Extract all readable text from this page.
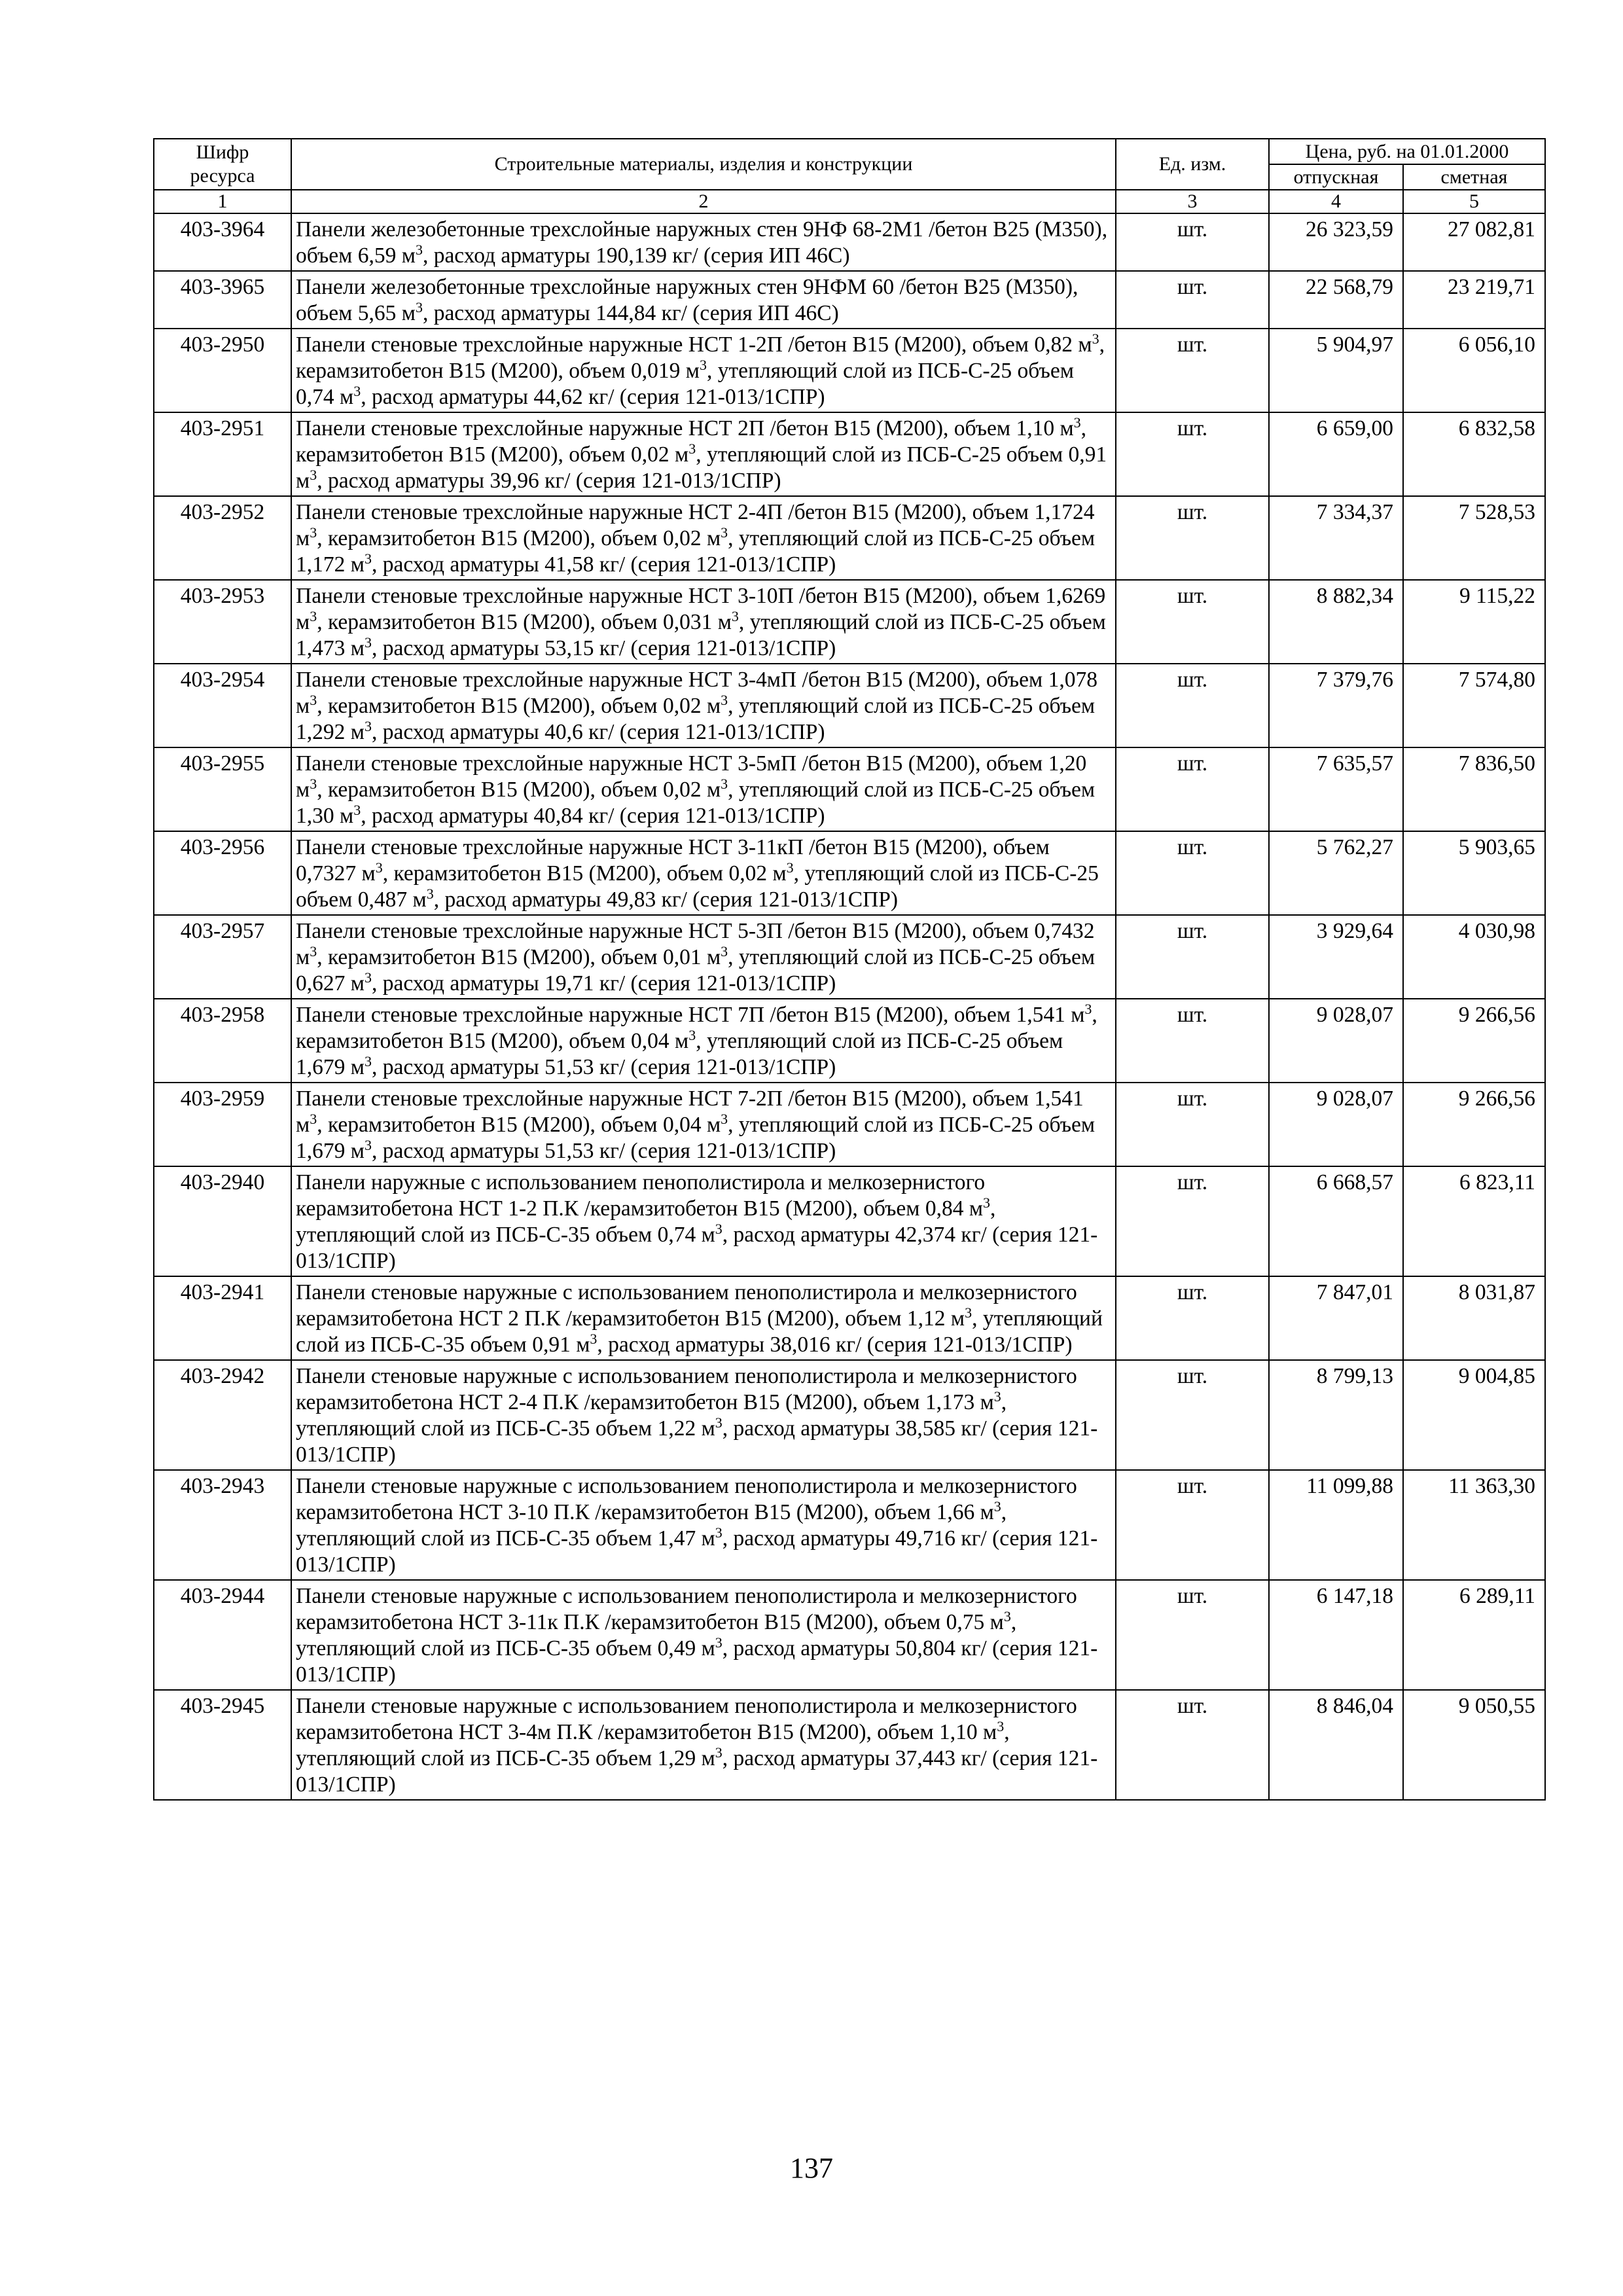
Шифр ресурса	Строительные материалы, изделия и конструкции	Ед. изм.	Цена, руб. на 01.01.2000	
			отпускная	сметная
1	2	3	4	5
403-3964	Панели железобетонные трехслойные наружных стен 9НФ 68-2М1 /бетон В25 (М350), объем 6,59 $м^3$, расход арматуры 190,139 кг/ (серия ИП 46С)	шт.	26 323,59	27 082,81
403-3965	Панели железобетонные трехслойные наружных стен 9НФМ 60 /бетон В25 (М350), объем 5,65 $м^3$, расход арматуры 144,84 кг/ (серия ИП 46С)	шт.	22 568,79	23 219,71
403-2950	Панели стеновые трехслойные наружные НСТ 1-2П /бетон В15 (М200), объем 0,82 $м^3$, керамзитобетон В15 (М200), объем 0,019 $м^3$, утепляющий слой из ПСБ-С-25 объем 0,74 $м^3$, расход арматуры 44,62 кг/ (серия 121-013/1СПР)	шт.	5 904,97	6 056,10
403-2951	Панели стеновые трехслойные наружные НСТ 2П /бетон В15 (М200), объем 1,10 $м^3$, керамзитобетон В15 (М200), объем 0,02 $м^3$, утепляющий слой из ПСБ-С-25 объем 0,91 $м^3$, расход арматуры 39,96 кг/ (серия 121-013/1СПР)	шт.	6 659,00	6 832,58
403-2952	Панели стеновые трехслойные наружные НСТ 2-4П /бетон В15 (М200), объем 1,1724 $м^3$, керамзитобетон В15 (М200), объем 0,02 $м^3$, утепляющий слой из ПСБ-С-25 объем 1,172 $м^3$, расход арматуры 41,58 кг/ (серия 121-013/1СПР)	шт.	7 334,37	7 528,53
403-2953	Панели стеновые трехслойные наружные НСТ 3-10П /бетон В15 (М200), объем 1,6269 $м^3$, керамзитобетон В15 (М200), объем 0,031 $м^3$, утепляющий слой из ПСБ-С-25 объем 1,473 $м^3$, расход арматуры 53,15 кг/ (серия 121-013/1СПР)	шт.	8 882,34	9 115,22
403-2954	Панели стеновые трехслойные наружные НСТ 3-4мП /бетон В15 (М200), объем 1,078 $м^3$, керамзитобетон В15 (М200), объем 0,02 $м^3$, утепляющий слой из ПСБ-С-25 объем 1,292 $м^3$, расход арматуры 40,6 кг/ (серия 121-013/1СПР)	шт.	7 379,76	7 574,80
403-2955	Панели стеновые трехслойные наружные НСТ 3-5мП /бетон В15 (М200), объем 1,20 $м^3$, керамзитобетон В15 (М200), объем 0,02 $м^3$, утепляющий слой из ПСБ-С-25 объем 1,30 $м^3$, расход арматуры 40,84 кг/ (серия 121-013/1СПР)	шт.	7 635,57	7 836,50
403-2956	Панели стеновые трехслойные наружные НСТ 3-11кП /бетон В15 (М200), объем 0,7327 $м^3$, керамзитобетон В15 (М200), объем 0,02 $м^3$, утепляющий слой из ПСБ-С-25 объем 0,487 $м^3$, расход арматуры 49,83 кг/ (серия 121-013/1СПР)	шт.	5 762,27	5 903,65
403-2957	Панели стеновые трехслойные наружные НСТ 5-3П /бетон В15 (М200), объем 0,7432 $м^3$, керамзитобетон В15 (М200), объем 0,01 $м^3$, утепляющий слой из ПСБ-С-25 объем 0,627 $м^3$, расход арматуры 19,71 кг/ (серия 121-013/1СПР)	шт.	3 929,64	4 030,98
403-2958	Панели стеновые трехслойные наружные НСТ 7П /бетон В15 (М200), объем 1,541 $м^3$, керамзитобетон В15 (М200), объем 0,04 $м^3$, утепляющий слой из ПСБ-С-25 объем 1,679 $м^3$, расход арматуры 51,53 кг/ (серия 121-013/1СПР)	шт.	9 028,07	9 266,56
403-2959	Панели стеновые трехслойные наружные НСТ 7-2П /бетон В15 (М200), объем 1,541 $м^3$, керамзитобетон В15 (М200), объем 0,04 $м^3$, утепляющий слой из ПСБ-С-25 объем 1,679 $м^3$, расход арматуры 51,53 кг/ (серия 121-013/1СПР)	шт.	9 028,07	9 266,56
403-2940	Панели наружные с использованием пенополистирола и мелкозернистого керамзитобетона НСТ 1-2 П.К /керамзитобетон В15 (М200), объем 0,84 $м^3$, утепляющий слой из ПСБ-С-35 объем 0,74 $м^3$, расход арматуры 42,374 кг/ (серия 121-013/1СПР)	шт.	6 668,57	6 823,11
403-2941	Панели стеновые наружные с использованием пенополистирола и мелкозернистого керамзитобетона НСТ 2 П.К /керамзитобетон В15 (М200), объем 1,12 $м^3$, утепляющий слой из ПСБ-С-35 объем 0,91 $м^3$, расход арматуры 38,016 кг/ (серия 121-013/1СПР)	шт.	7 847,01	8 031,87
403-2942	Панели стеновые наружные с использованием пенополистирола и мелкозернистого керамзитобетона НСТ 2-4 П.К /керамзитобетон В15 (М200), объем 1,173 $м^3$, утепляющий слой из ПСБ-С-35 объем 1,22 $м^3$, расход арматуры 38,585 кг/ (серия 121-013/1СПР)	шт.	8 799,13	9 004,85
403-2943	Панели стеновые наружные с использованием пенополистирола и мелкозернистого керамзитобетона НСТ 3-10 П.К /керамзитобетон В15 (М200), объем 1,66 $м^3$, утепляющий слой из ПСБ-С-35 объем 1,47 $м^3$, расход арматуры 49,716 кг/ (серия 121-013/1СПР)	шт.	11 099,88	11 363,30
403-2944	Панели стеновые наружные с использованием пенополистирола и мелкозернистого керамзитобетона НСТ 3-11к П.К /керамзитобетон В15 (М200), объем 0,75 $м^3$, утепляющий слой из ПСБ-С-35 объем 0,49 $м^3$, расход арматуры 50,804 кг/ (серия 121-013/1СПР)	шт.	6 147,18	6 289,11
403-2945	Панели стеновые наружные с использованием пенополистирола и мелкозернистого керамзитобетона НСТ 3-4м П.К /керамзитобетон В15 (М200), объем 1,10 $м^3$, утепляющий слой из ПСБ-С-35 объем 1,29 $м^3$, расход арматуры 37,443 кг/ (серия 121-013/1СПР)	шт.	8 846,04	9 050,55
137
